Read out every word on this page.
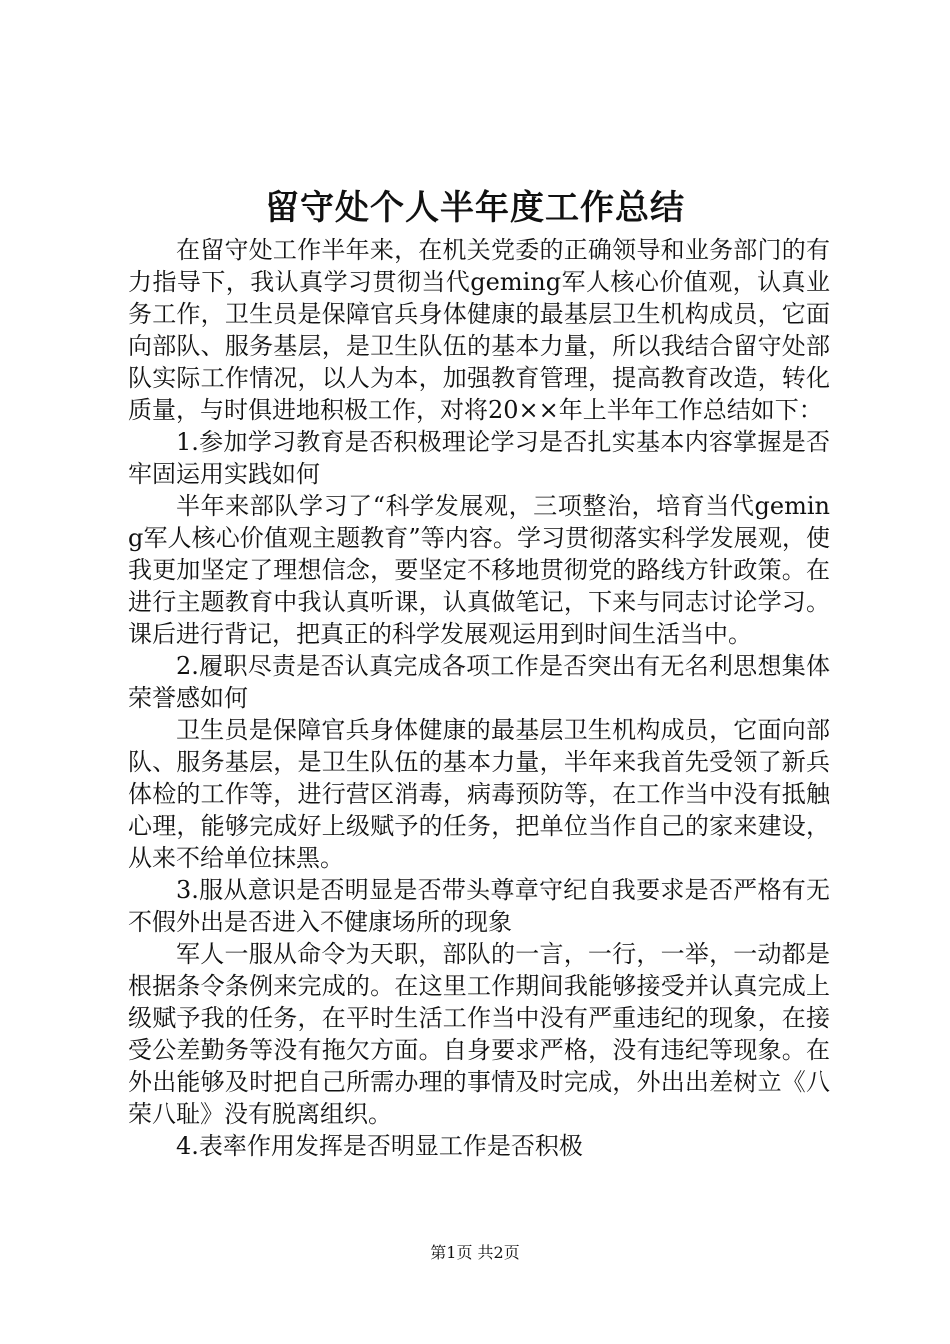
留守处个人半年度工作总结

在留守处工作半年来，在机关党委的正确领导和业务部门的有力指导下，我认真学习贯彻当代geming军人核心价值观，认真业务工作，卫生员是保障官兵身体健康的最基层卫生机构成员，它面向部队、服务基层，是卫生队伍的基本力量，所以我结合留守处部队实际工作情况，以人为本，加强教育管理，提高教育改造，转化质量，与时俱进地积极工作，对将20××年上半年工作总结如下：

1.参加学习教育是否积极理论学习是否扎实基本内容掌握是否牢固运用实践如何

半年来部队学习了“科学发展观，三项整治，培育当代geming军人核心价值观主题教育”等内容。学习贯彻落实科学发展观，使我更加坚定了理想信念，要坚定不移地贯彻党的路线方针政策。在进行主题教育中我认真听课，认真做笔记，下来与同志讨论学习。课后进行背记，把真正的科学发展观运用到时间生活当中。

2.履职尽责是否认真完成各项工作是否突出有无名利思想集体荣誉感如何

卫生员是保障官兵身体健康的最基层卫生机构成员，它面向部队、服务基层，是卫生队伍的基本力量，半年来我首先受领了新兵体检的工作等，进行营区消毒，病毒预防等，在工作当中没有抵触心理，能够完成好上级赋予的任务，把单位当作自己的家来建设，从来不给单位抹黑。

3.服从意识是否明显是否带头尊章守纪自我要求是否严格有无不假外出是否进入不健康场所的现象

军人一服从命令为天职，部队的一言，一行，一举，一动都是根据条令条例来完成的。在这里工作期间我能够接受并认真完成上级赋予我的任务，在平时生活工作当中没有严重违纪的现象，在接受公差勤务等没有拖欠方面。自身要求严格，没有违纪等现象。在外出能够及时把自己所需办理的事情及时完成，外出出差树立《八荣八耻》没有脱离组织。

4.表率作用发挥是否明显工作是否积极

第1页 共2页
